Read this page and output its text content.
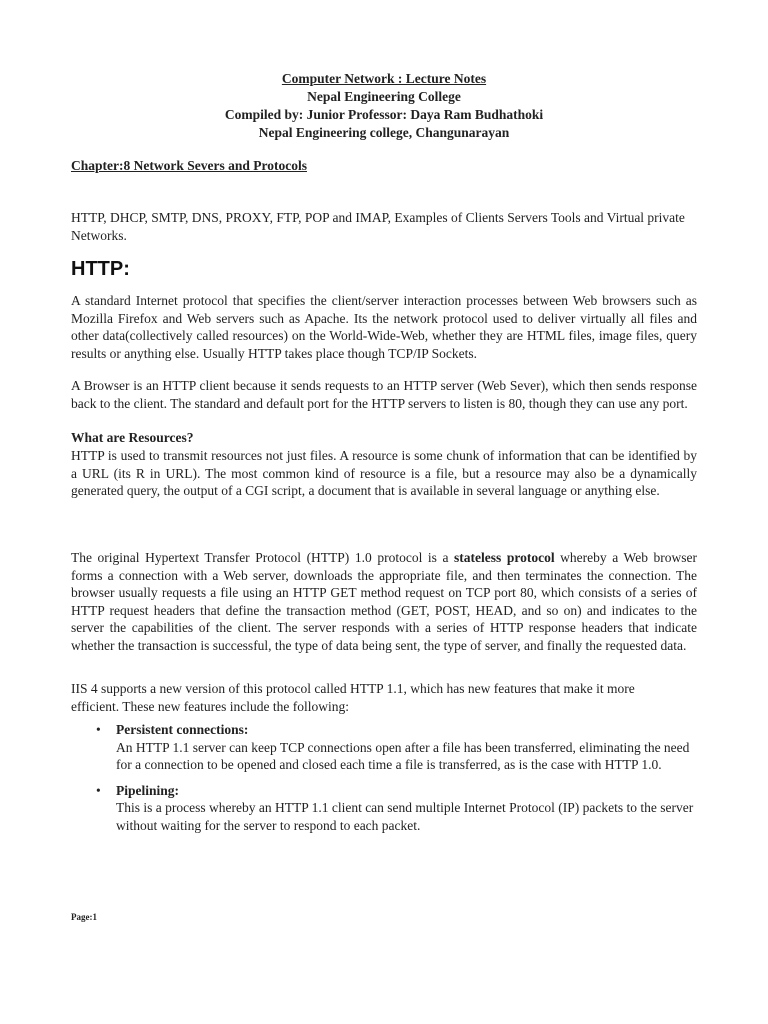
Computer Network : Lecture Notes
Nepal Engineering College
Compiled by: Junior Professor: Daya Ram Budhathoki
Nepal Engineering college, Changunarayan
Chapter:8 Network Severs and Protocols
HTTP, DHCP, SMTP, DNS, PROXY, FTP, POP and IMAP, Examples of Clients Servers Tools and Virtual private Networks.
HTTP:
A standard Internet protocol that specifies the client/server interaction processes between Web browsers such as Mozilla Firefox and Web servers such as Apache. Its the network protocol used to deliver virtually all files and other data(collectively called resources) on the World-Wide-Web, whether they are HTML files, image files, query results or anything else. Usually HTTP takes place though TCP/IP Sockets.
A Browser is an HTTP client because it sends requests to an HTTP server (Web Sever), which then sends response back to the client. The standard and default port for the HTTP servers to listen is 80, though they can use any port.
What are Resources?
HTTP is used to transmit resources not just files. A resource is some chunk of information that can be identified by a URL (its R in URL). The most common kind of resource is a file, but a resource may also be a dynamically generated query, the output of a CGI script, a document that is available in several language or anything else.
The original Hypertext Transfer Protocol (HTTP) 1.0 protocol is a stateless protocol whereby a Web browser forms a connection with a Web server, downloads the appropriate file, and then terminates the connection. The browser usually requests a file using an HTTP GET method request on TCP port 80, which consists of a series of HTTP request headers that define the transaction method (GET, POST, HEAD, and so on) and indicates to the server the capabilities of the client. The server responds with a series of HTTP response headers that indicate whether the transaction is successful, the type of data being sent, the type of server, and finally the requested data.
IIS 4 supports a new version of this protocol called HTTP 1.1, which has new features that make it more efficient. These new features include the following:
•	Persistent connections:
An HTTP 1.1 server can keep TCP connections open after a file has been transferred, eliminating the need for a connection to be opened and closed each time a file is transferred, as is the case with HTTP 1.0.
•	Pipelining:
This is a process whereby an HTTP 1.1 client can send multiple Internet Protocol (IP) packets to the server without waiting for the server to respond to each packet.
Page:1
